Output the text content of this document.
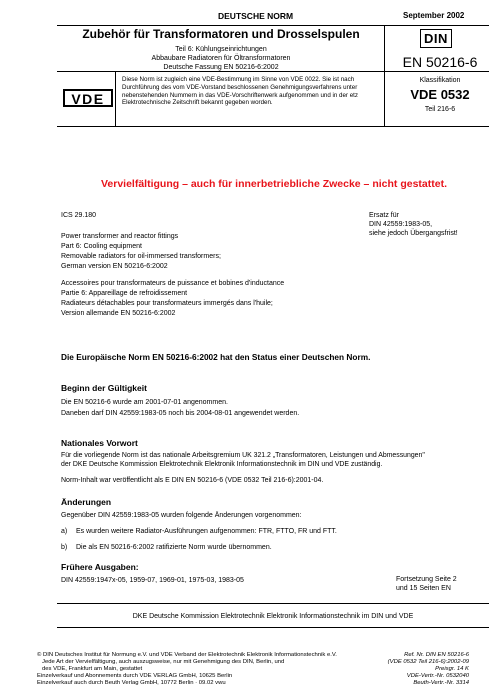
DEUTSCHE NORM	September 2002
Zubehör für Transformatoren und Drosselspulen
Teil 6: Kühlungseinrichtungen
Abbaubare Radiatoren für Öltransformatoren
Deutsche Fassung EN 50216-6:2002
DIN
EN 50216-6
VDE
Diese Norm ist zugleich eine VDE-Bestimmung im Sinne von VDE 0022. Sie ist nach
Durchführung des vom VDE-Vorstand beschlossenen Genehmigungsverfahrens unter
nebenstehenden Nummern in das VDE-Vorschriftenwerk aufgenommen und in der etz
Elektrotechnische Zeitschrift bekannt gegeben worden.
Klassifikation
VDE 0532
Teil 216-6
Vervielfältigung – auch für innerbetriebliche Zwecke – nicht gestattet.
ICS 29.180	Ersatz für
DIN 42559:1983-05,
siehe jedoch Übergangsfrist!
Power transformer and reactor fittings
Part 6: Cooling equipment
Removable radiators for oil-immersed transformers;
German version EN 50216-6:2002
Accessoires pour transformateurs de puissance et bobines d'inductance
Partie 6: Appareillage de refroidissement
Radiateurs détachables pour transformateurs immergés dans l'huile;
Version allemande EN 50216-6:2002
Die Europäische Norm EN 50216-6:2002 hat den Status einer Deutschen Norm.
Beginn der Gültigkeit
Die EN 50216-6 wurde am 2001-07-01 angenommen.
Daneben darf DIN 42559:1983-05 noch bis 2004-08-01 angewendet werden.
Nationales Vorwort
Für die vorliegende Norm ist das nationale Arbeitsgremium UK 321.2 „Transformatoren, Leistungen und Abmessungen"
der DKE Deutsche Kommission Elektrotechnik Elektronik Informationstechnik im DIN und VDE zuständig.
Norm-Inhalt war veröffentlicht als E DIN EN 50216-6 (VDE 0532 Teil 216-6):2001-04.
Änderungen
Gegenüber DIN 42559:1983-05 wurden folgende Änderungen vorgenommen:
a) Es wurden weitere Radiator-Ausführungen aufgenommen: FTR, FTTO, FR und FTT.
b) Die als EN 50216-6:2002 ratifizierte Norm wurde übernommen.
Frühere Ausgaben:
DIN 42559:1947x-05, 1959-07, 1969-01, 1975-03, 1983-05	Fortsetzung Seite 2
und 15 Seiten EN
DKE Deutsche Kommission Elektrotechnik Elektronik Informationstechnik im DIN und VDE
© DIN Deutsches Institut für Normung e.V. und VDE Verband der Elektrotechnik Elektronik Informationstechnik e.V.
Jede Art der Vervielfältigung, auch auszugsweise, nur mit Genehmigung des DIN, Berlin, und
des VDE, Frankfurt am Main, gestattet
Einzelverkauf und Abonnements durch VDE VERLAG GmbH, 10625 Berlin
Einzelverkauf auch durch Beuth Verlag GmbH, 10772 Berlin · 09.02 vwu
Ref. Nr. DIN EN 50216-6
(VDE 0532 Teil 216-6):2002-09
Preisgr. 14 K
VDE-Vertr.-Nr. 0532040
Beuth-Vertr.-Nr. 3314
